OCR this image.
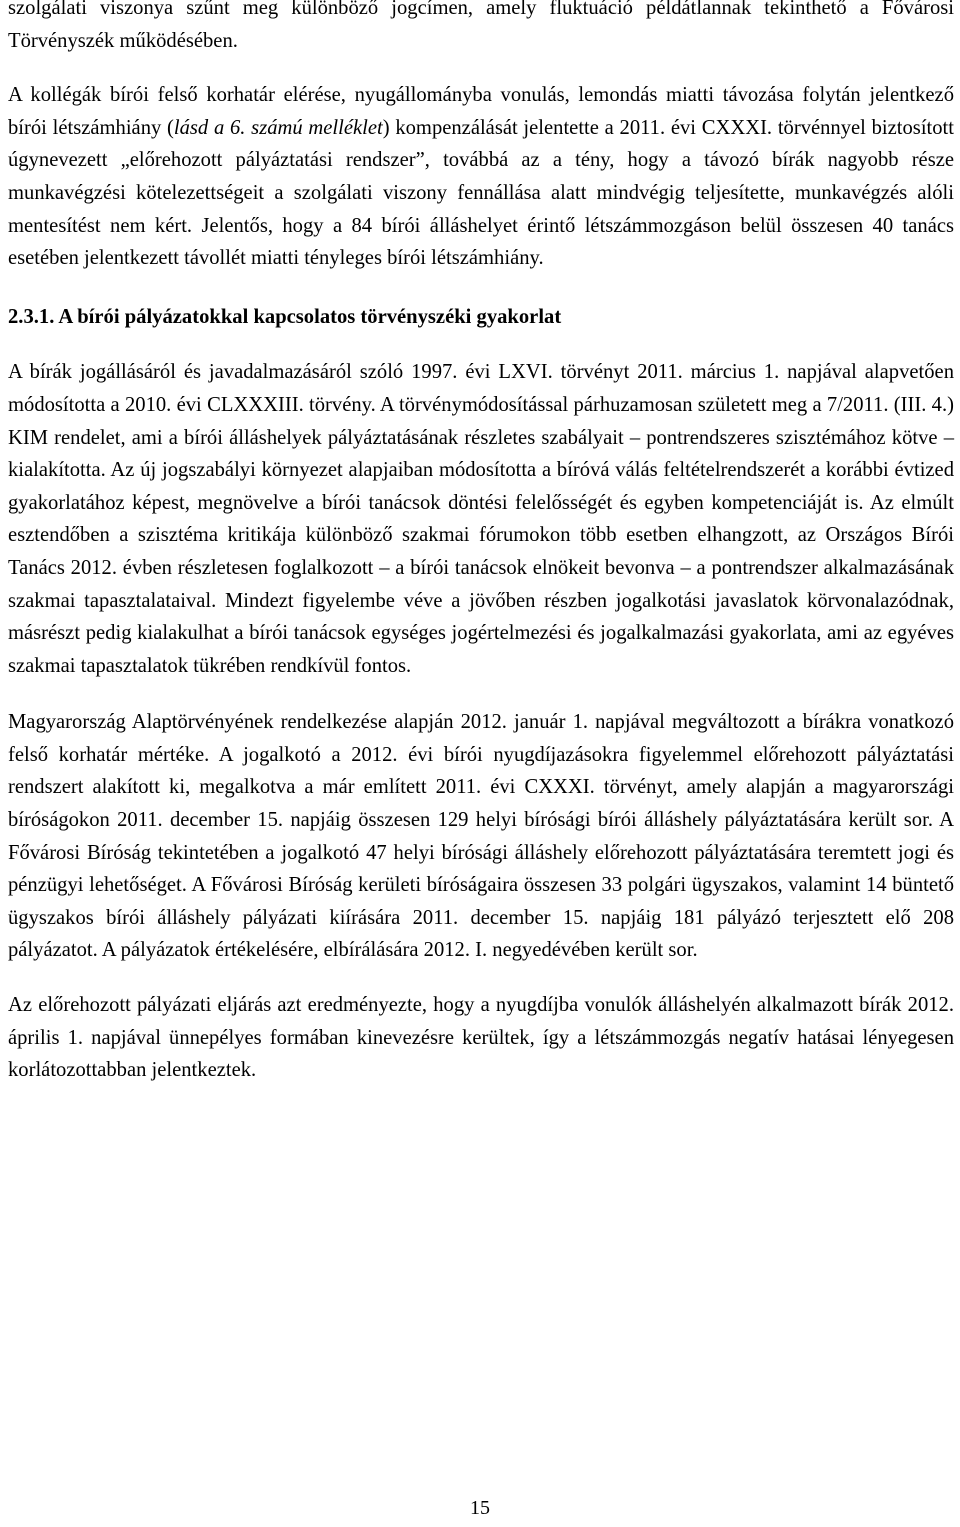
szolgálati viszonya szűnt meg különböző jogcímen, amely fluktuáció példátlannak tekinthető a Fővárosi Törvényszék működésében.

A kollégák bírói felső korhatár elérése, nyugállományba vonulás, lemondás miatti távozása folytán jelentkező bírói létszámhiány (lásd a 6. számú melléklet) kompenzálását jelentette a 2011. évi CXXXI. törvénnyel biztosított úgynevezett „előrehozott pályáztatási rendszer”, továbbá az a tény, hogy a távozó bírák nagyobb része munkavégzési kötelezettségeit a szolgálati viszony fennállása alatt mindvégig teljesítette, munkavégzés alóli mentesítést nem kért. Jelentős, hogy a 84 bírói álláshelyet érintő létszámmozgáson belül összesen 40 tanács esetében jelentkezett távollét miatti tényleges bírói létszámhiány.

2.3.1. A bírói pályázatokkal kapcsolatos törvényszéki gyakorlat

A bírák jogállásáról és javadalmazásáról szóló 1997. évi LXVI. törvényt 2011. március 1. napjával alapvetően módosította a 2010. évi CLXXXIII. törvény. A törvénymódosítással párhuzamosan született meg a 7/2011. (III. 4.) KIM rendelet, ami a bírói álláshelyek pályáztatásának részletes szabályait – pontrendszeres szisztémához kötve – kialakította. Az új jogszabályi környezet alapjaiban módosította a bíróvá válás feltételrendszerét a korábbi évtized gyakorlatához képest, megnövelve a bírói tanácsok döntési felelősségét és egyben kompetenciáját is. Az elmúlt esztendőben a szisztéma kritikája különböző szakmai fórumokon több esetben elhangzott, az Országos Bírói Tanács 2012. évben részletesen foglalkozott – a bírói tanácsok elnökeit bevonva – a pontrendszer alkalmazásának szakmai tapasztalataival. Mindezt figyelembe véve a jövőben részben jogalkotási javaslatok körvonalazódnak, másrészt pedig kialakulhat a bírói tanácsok egységes jogértelmezési és jogalkalmazási gyakorlata, ami az egyéves szakmai tapasztalatok tükrében rendkívül fontos.

Magyarország Alaptörvényének rendelkezése alapján 2012. január 1. napjával megváltozott a bírákra vonatkozó felső korhatár mértéke. A jogalkotó a 2012. évi bírói nyugdíjazásokra figyelemmel előrehozott pályáztatási rendszert alakított ki, megalkotva a már említett 2011. évi CXXXI. törvényt, amely alapján a magyarországi bíróságokon 2011. december 15. napjáig összesen 129 helyi bírósági bírói álláshely pályáztatására került sor. A Fővárosi Bíróság tekintetében a jogalkotó 47 helyi bírósági álláshely előrehozott pályáztatására teremtett jogi és pénzügyi lehetőséget. A Fővárosi Bíróság kerületi bíróságaira összesen 33 polgári ügyszakos, valamint 14 büntető ügyszakos bírói álláshely pályázati kiírására 2011. december 15. napjáig 181 pályázó terjesztett elő 208 pályázatot. A pályázatok értékelésére, elbírálására 2012. I. negyedévében került sor.

Az előrehozott pályázati eljárás azt eredményezte, hogy a nyugdíjba vonulók álláshelyén alkalmazott bírák 2012. április 1. napjával ünnepélyes formában kinevezésre kerültek, így a létszámmozgás negatív hatásai lényegesen korlátozottabban jelentkeztek.

15
